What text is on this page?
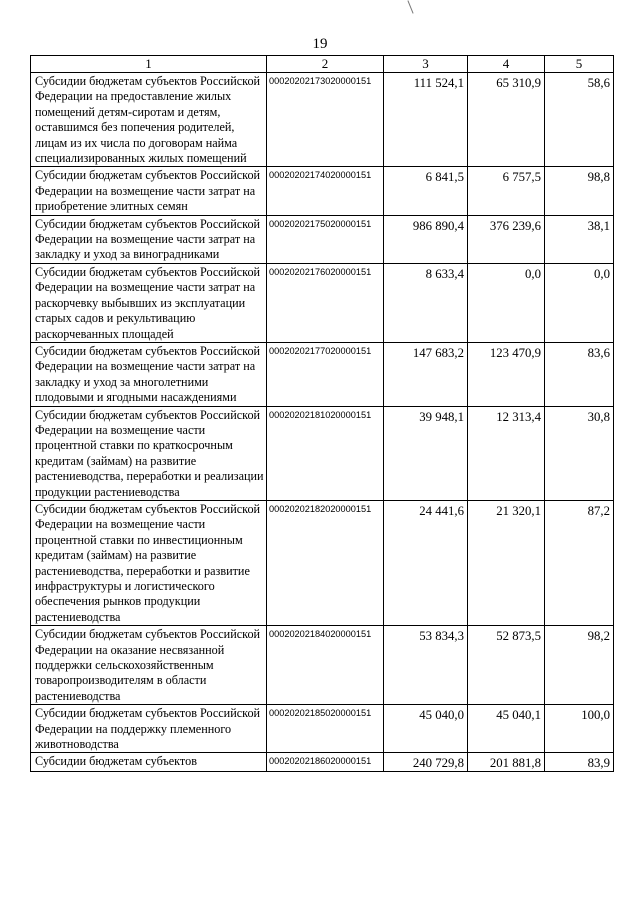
19
1	2	3	4	5
Субсидии бюджетам субъектов Российской Федерации на предоставление жилых помещений детям-сиротам и детям, оставшимся без попечения родителей, лицам из их числа по договорам найма специализированных жилых помещений	00020202173020000151	111 524,1	65 310,9	58,6
Субсидии бюджетам субъектов Российской Федерации на возмещение части затрат на приобретение элитных семян	00020202174020000151	6 841,5	6 757,5	98,8
Субсидии бюджетам субъектов Российской Федерации на возмещение части затрат на закладку и уход за виноградниками	00020202175020000151	986 890,4	376 239,6	38,1
Субсидии бюджетам субъектов Российской Федерации на возмещение части затрат на раскорчевку выбывших из эксплуатации старых садов и рекультивацию раскорчеванных площадей	00020202176020000151	8 633,4	0,0	0,0
Субсидии бюджетам субъектов Российской Федерации на возмещение части затрат на закладку и уход за многолетними плодовыми и ягодными насаждениями	00020202177020000151	147 683,2	123 470,9	83,6
Субсидии бюджетам субъектов Российской Федерации на возмещение части процентной ставки по краткосрочным кредитам (займам) на развитие растениеводства, переработки и реализации продукции растениеводства	00020202181020000151	39 948,1	12 313,4	30,8
Субсидии бюджетам субъектов Российской Федерации на возмещение части процентной ставки по инвестиционным кредитам (займам) на развитие растениеводства, переработки и развитие инфраструктуры и логистического обеспечения рынков продукции растениеводства	00020202182020000151	24 441,6	21 320,1	87,2
Субсидии бюджетам субъектов Российской Федерации на оказание несвязанной поддержки сельскохозяйственным товаропроизводителям в области растениеводства	00020202184020000151	53 834,3	52 873,5	98,2
Субсидии бюджетам субъектов Российской Федерации на поддержку племенного животноводства	00020202185020000151	45 040,0	45 040,1	100,0
Субсидии бюджетам субъектов	00020202186020000151	240 729,8	201 881,8	83,9
